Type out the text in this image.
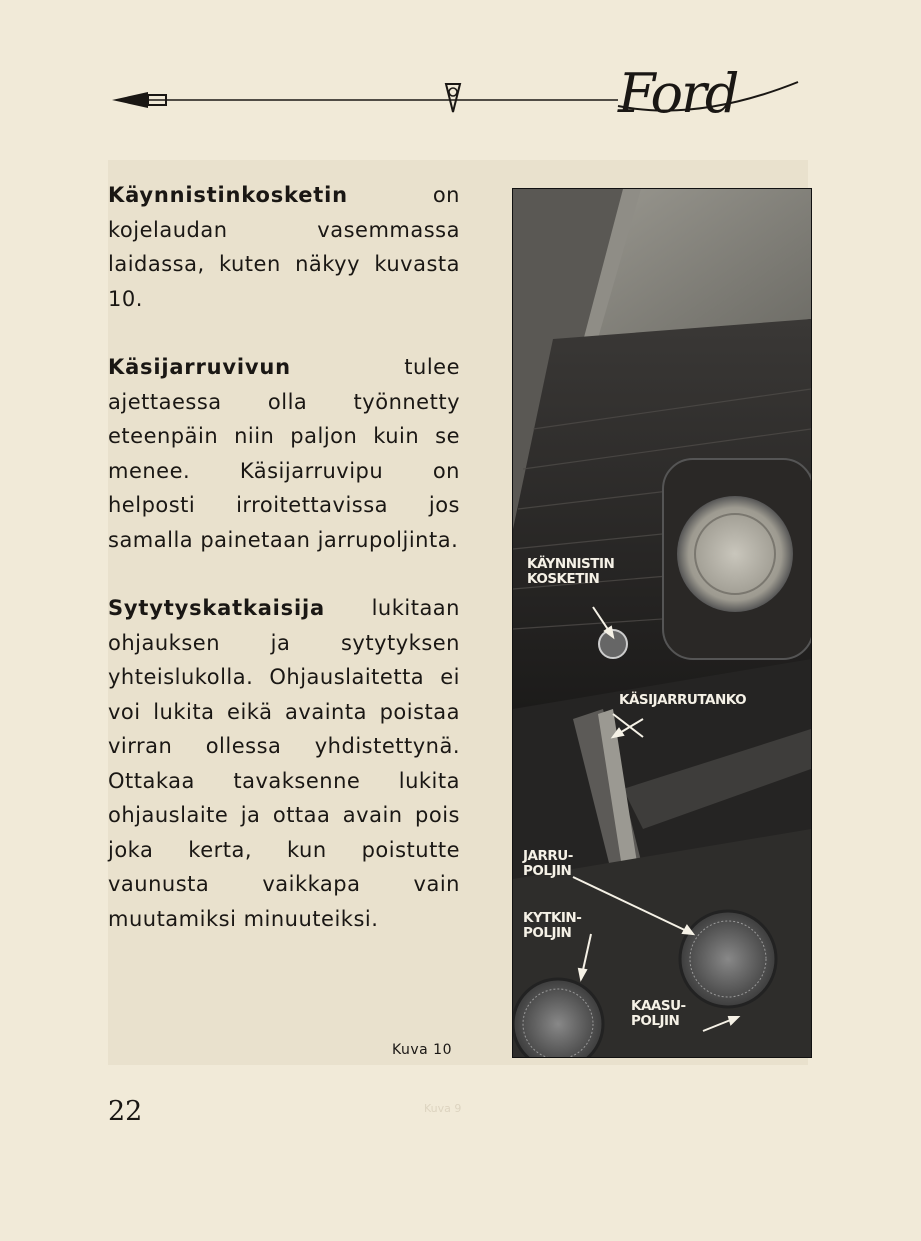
Ford

Käynnistinkosketin on kojelaudan vasemmassa laidassa, kuten näkyy kuvasta 10.

Käsijarruvivun tulee ajettaessa olla työnnetty eteenpäin niin paljon kuin se menee. Käsijarruvipu on helposti irroitettavissa jos samalla painetaan jarrupoljinta.

Sytytyskatkaisija lukitaan ohjauksen ja sytytyksen yhteislukolla. Ohjauslaitetta ei voi lukita eikä avainta poistaa virran ollessa yhdistettynä. Ottakaa tavaksenne lukita ohjauslaite ja ottaa avain pois joka kerta, kun poistutte vaunusta vaikkapa vain muutamiksi minuuteiksi.

KÄYNNISTIN
KOSKETIN
KÄSIJARRUTANKO
JARRU-
POLJIN
KYTKIN-
POLJIN
KAASU-
POLJIN
Kuva 10
22	Kuva 9
